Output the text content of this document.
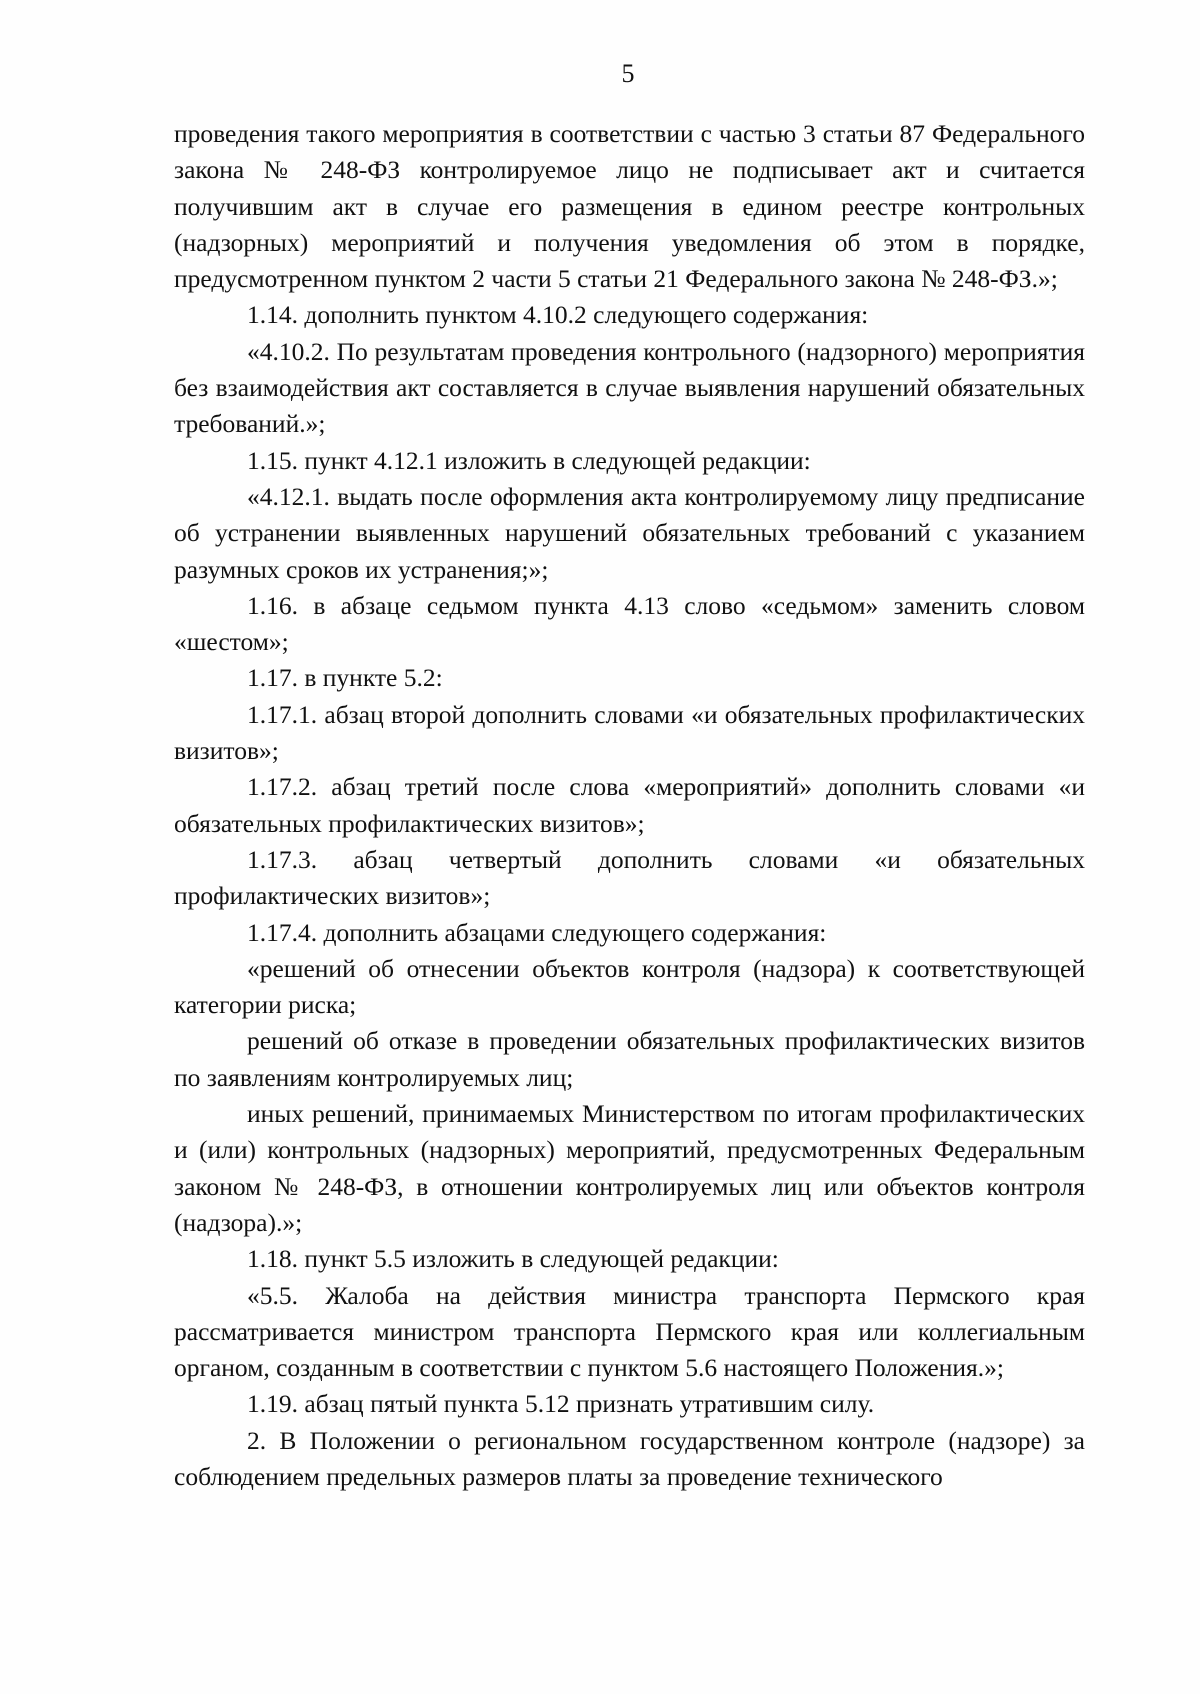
5

проведения такого мероприятия в соответствии с частью 3 статьи 87 Федерального закона № 248-ФЗ контролируемое лицо не подписывает акт и считается получившим акт в случае его размещения в едином реестре контрольных (надзорных) мероприятий и получения уведомления об этом в порядке, предусмотренном пунктом 2 части 5 статьи 21 Федерального закона № 248-ФЗ.»;

1.14. дополнить пунктом 4.10.2 следующего содержания:

«4.10.2. По результатам проведения контрольного (надзорного) мероприятия без взаимодействия акт составляется в случае выявления нарушений обязательных требований.»;

1.15. пункт 4.12.1 изложить в следующей редакции:

«4.12.1. выдать после оформления акта контролируемому лицу предписание об устранении выявленных нарушений обязательных требований с указанием разумных сроков их устранения;»;

1.16. в абзаце седьмом пункта 4.13 слово «седьмом» заменить словом «шестом»;

1.17. в пункте 5.2:

1.17.1. абзац второй дополнить словами «и обязательных профилактических визитов»;

1.17.2. абзац третий после слова «мероприятий» дополнить словами «и обязательных профилактических визитов»;

1.17.3. абзац четвертый дополнить словами «и обязательных профилактических визитов»;

1.17.4. дополнить абзацами следующего содержания:

«решений об отнесении объектов контроля (надзора) к соответствующей категории риска;

решений об отказе в проведении обязательных профилактических визитов по заявлениям контролируемых лиц;

иных решений, принимаемых Министерством по итогам профилактических и (или) контрольных (надзорных) мероприятий, предусмотренных Федеральным законом № 248-ФЗ, в отношении контролируемых лиц или объектов контроля (надзора).»;

1.18. пункт 5.5 изложить в следующей редакции:

«5.5. Жалоба на действия министра транспорта Пермского края рассматривается министром транспорта Пермского края или коллегиальным органом, созданным в соответствии с пунктом 5.6 настоящего Положения.»;

1.19. абзац пятый пункта 5.12 признать утратившим силу.

2. В Положении о региональном государственном контроле (надзоре) за соблюдением предельных размеров платы за проведение технического
